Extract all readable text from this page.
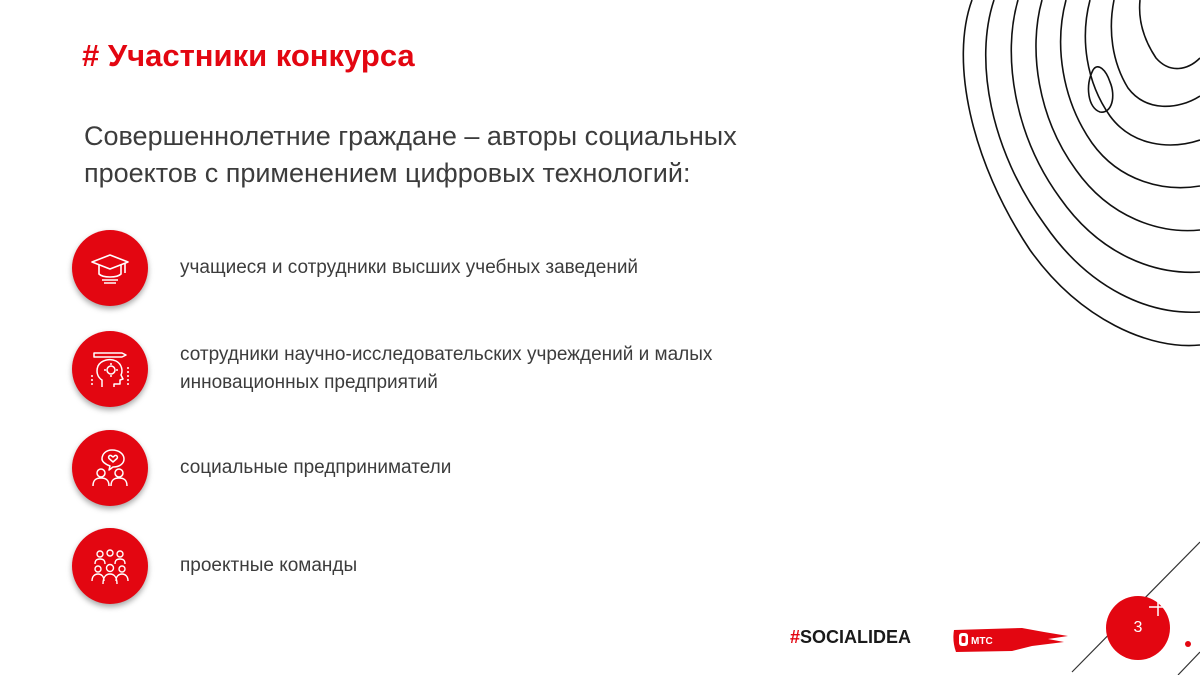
# Участники конкурса
Совершеннолетние граждане – авторы социальных проектов с применением цифровых технологий:
учащиеся и сотрудники высших учебных заведений
сотрудники научно-исследовательских учреждений и малых инновационных предприятий
социальные предприниматели
проектные команды
#SOCIALIDEA	МТС
3
